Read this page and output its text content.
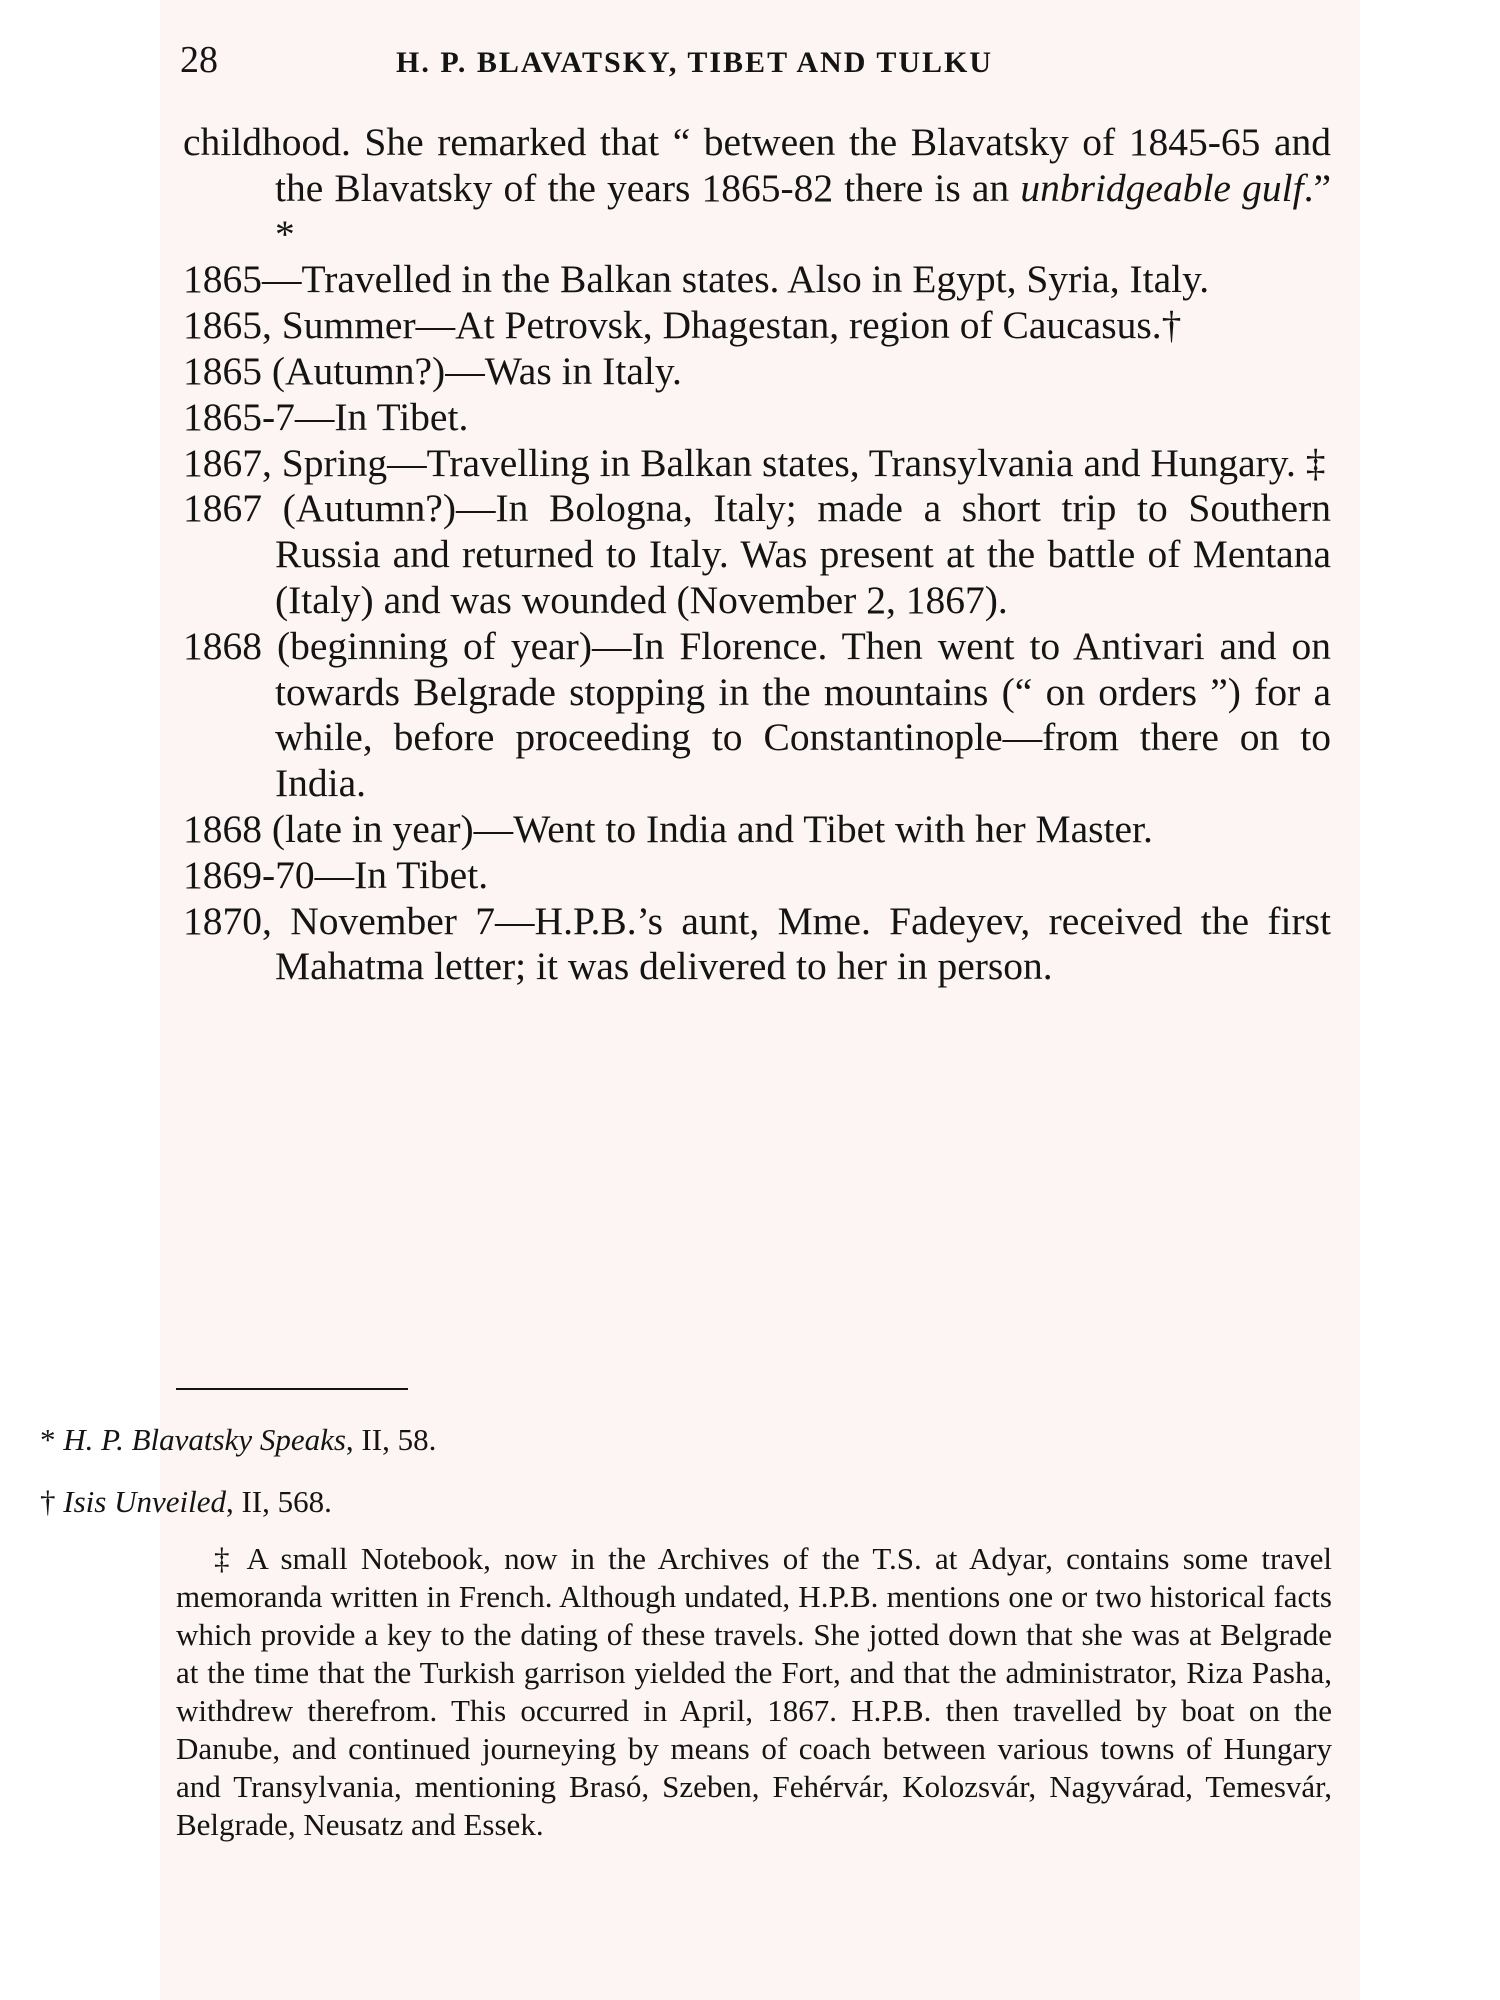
28	H. P. BLAVATSKY, TIBET AND TULKU
childhood. She remarked that “ between the Blavatsky of 1845-65 and the Blavatsky of the years 1865-82 there is an unbridgeable gulf.” *
1865—Travelled in the Balkan states. Also in Egypt, Syria, Italy.
1865, Summer—At Petrovsk, Dhagestan, region of Caucasus.†
1865 (Autumn?)—Was in Italy.
1865-7—In Tibet.
1867, Spring—Travelling in Balkan states, Transylvania and Hungary. ‡
1867 (Autumn?)—In Bologna, Italy; made a short trip to Southern Russia and returned to Italy. Was present at the battle of Mentana (Italy) and was wounded (November 2, 1867).
1868 (beginning of year)—In Florence. Then went to Antivari and on towards Belgrade stopping in the mountains (“ on orders ”) for a while, before proceeding to Constantinople—from there on to India.
1868 (late in year)—Went to India and Tibet with her Master.
1869-70—In Tibet.
1870, November 7—H.P.B.’s aunt, Mme. Fadeyev, received the first Mahatma letter; it was delivered to her in person.
* H. P. Blavatsky Speaks, II, 58.
† Isis Unveiled, II, 568.
‡ A small Notebook, now in the Archives of the T.S. at Adyar, contains some travel memoranda written in French. Although undated, H.P.B. mentions one or two historical facts which provide a key to the dating of these travels. She jotted down that she was at Belgrade at the time that the Turkish garrison yielded the Fort, and that the administrator, Riza Pasha, withdrew therefrom. This occurred in April, 1867. H.P.B. then travelled by boat on the Danube, and continued journeying by means of coach between various towns of Hungary and Transylvania, mentioning Brasó, Szeben, Fehérvár, Kolozsvár, Nagyvárad, Temesvár, Belgrade, Neusatz and Essek.
